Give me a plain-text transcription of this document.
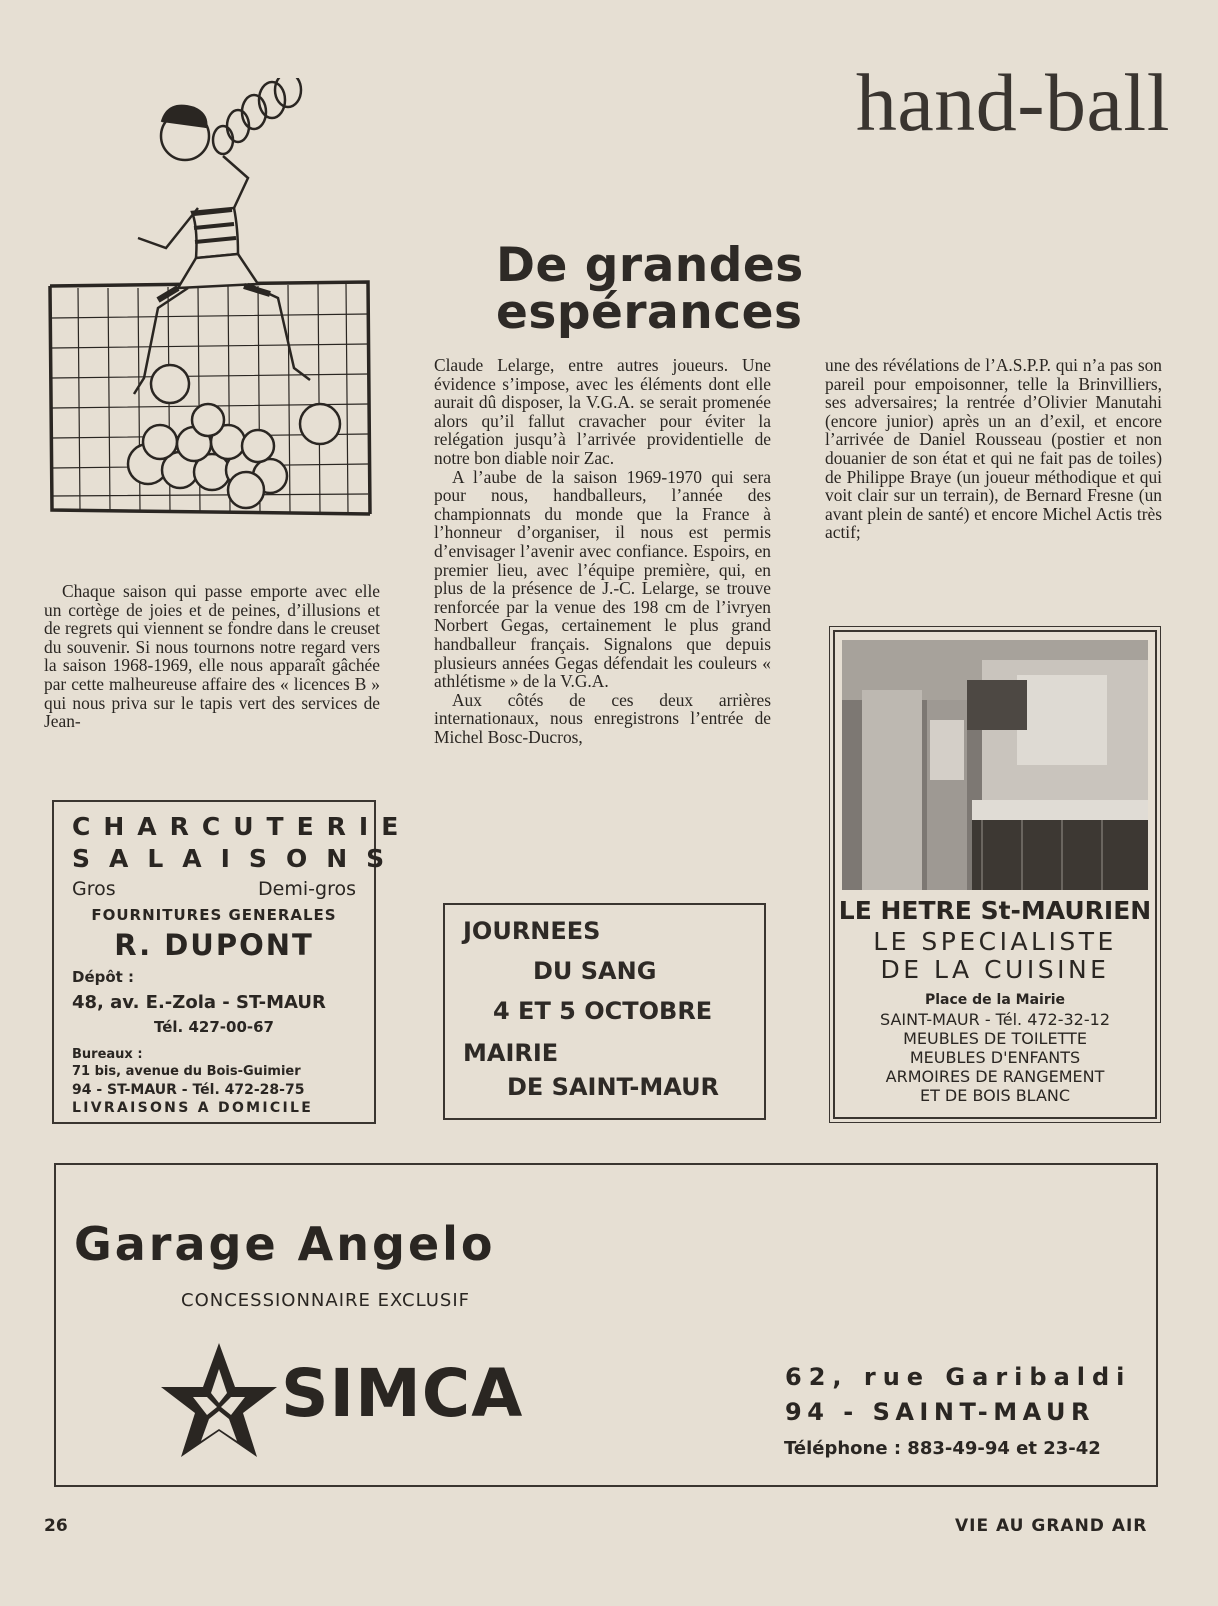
hand-ball
De grandes espérances

Chaque saison qui passe emporte avec elle un cortège de joies et de peines, d’illusions et de regrets qui viennent se fondre dans le creuset du souvenir. Si nous tournons notre regard vers la saison 1968-1969, elle nous apparaît gâchée par cette malheureuse affaire des « licences B » qui nous priva sur le tapis vert des services de Jean-

Claude Lelarge, entre autres joueurs. Une évidence s’impose, avec les éléments dont elle aurait dû disposer, la V.G.A. se serait promenée alors qu’il fallut cravacher pour éviter la relégation jusqu’à l’arrivée providentielle de notre bon diable noir Zac.

A l’aube de la saison 1969-1970 qui sera pour nous, handballeurs, l’année des championnats du monde que la France à l’honneur d’organiser, il nous est permis d’envisager l’avenir avec confiance. Espoirs, en premier lieu, avec l’équipe première, qui, en plus de la présence de J.-C. Lelarge, se trouve renforcée par la venue des 198 cm de l’ivryen Norbert Gegas, certainement le plus grand handballeur français. Signalons que depuis plusieurs années Gegas défendait les couleurs « athlétisme » de la V.G.A.

Aux côtés de ces deux arrières internationaux, nous enregistrons l’entrée de Michel Bosc-Ducros,

une des révélations de l’A.S.P.P. qui n’a pas son pareil pour empoisonner, telle la Brinvilliers, ses adversaires; la rentrée d’Olivier Manutahi (encore junior) après un an d’exil, et encore l’arrivée de Daniel Rousseau (postier et non douanier de son état et qui ne fait pas de toiles) de Philippe Braye (un joueur méthodique et qui voit clair sur un terrain), de Bernard Fresne (un avant plein de santé) et encore Michel Actis très actif;

CHARCUTERIE
SALAISONS
Gros	Demi-gros
FOURNITURES GENERALES
R. DUPONT
Dépôt :
48, av. E.-Zola - ST-MAUR
Tél. 427-00-67
Bureaux :
71 bis, avenue du Bois-Guimier
94 - ST-MAUR - Tél. 472-28-75
LIVRAISONS A DOMICILE
JOURNEES
DU SANG
4 ET 5 OCTOBRE
MAIRIE
DE SAINT-MAUR
LE HETRE St-MAURIEN
LE SPECIALISTE
DE LA CUISINE
Place de la Mairie
SAINT-MAUR - Tél. 472-32-12
MEUBLES DE TOILETTE
MEUBLES D'ENFANTS
ARMOIRES DE RANGEMENT
ET DE BOIS BLANC
Garage Angelo
CONCESSIONNAIRE EXCLUSIF
SIMCA	62, rue Garibaldi
94 - SAINT-MAUR
Téléphone : 883-49-94 et 23-42
26	VIE AU GRAND AIR
